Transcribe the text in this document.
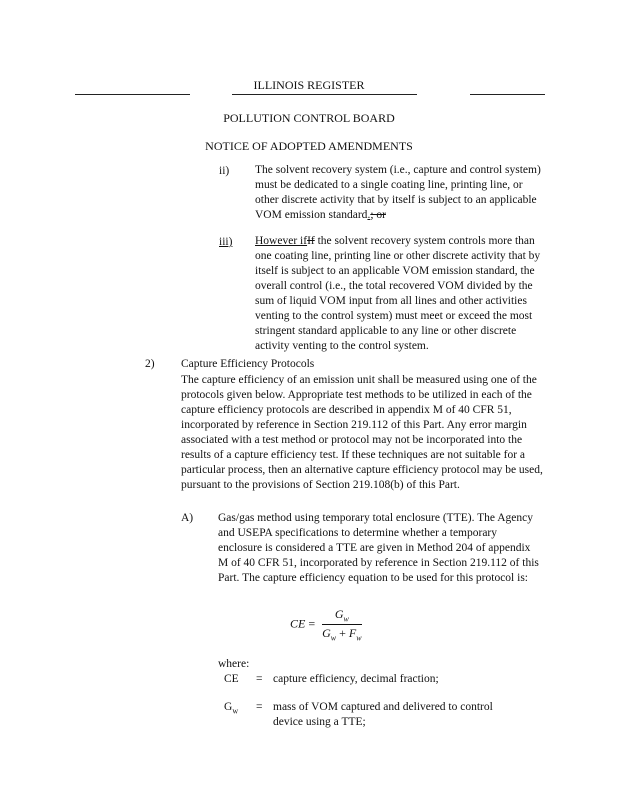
ILLINOIS REGISTER
POLLUTION CONTROL BOARD
NOTICE OF ADOPTED AMENDMENTS
ii) The solvent recovery system (i.e., capture and control system) must be dedicated to a single coating line, printing line, or other discrete activity that by itself is subject to an applicable VOM emission standard.; or
iii) However ifIf the solvent recovery system controls more than one coating line, printing line or other discrete activity that by itself is subject to an applicable VOM emission standard, the overall control (i.e., the total recovered VOM divided by the sum of liquid VOM input from all lines and other activities venting to the control system) must meet or exceed the most stringent standard applicable to any line or other discrete activity venting to the control system.
2) Capture Efficiency Protocols
The capture efficiency of an emission unit shall be measured using one of the protocols given below. Appropriate test methods to be utilized in each of the capture efficiency protocols are described in appendix M of 40 CFR 51, incorporated by reference in Section 219.112 of this Part. Any error margin associated with a test method or protocol may not be incorporated into the results of a capture efficiency test. If these techniques are not suitable for a particular process, then an alternative capture efficiency protocol may be used, pursuant to the provisions of Section 219.108(b) of this Part.
A) Gas/gas method using temporary total enclosure (TTE). The Agency and USEPA specifications to determine whether a temporary enclosure is considered a TTE are given in Method 204 of appendix M of 40 CFR 51, incorporated by reference in Section 219.112 of this Part. The capture efficiency equation to be used for this protocol is:
CE = $\frac{G_w}{G_w + F_w}$
where:
CE = capture efficiency, decimal fraction;
$G_w$ = mass of VOM captured and delivered to control
device using a TTE;
